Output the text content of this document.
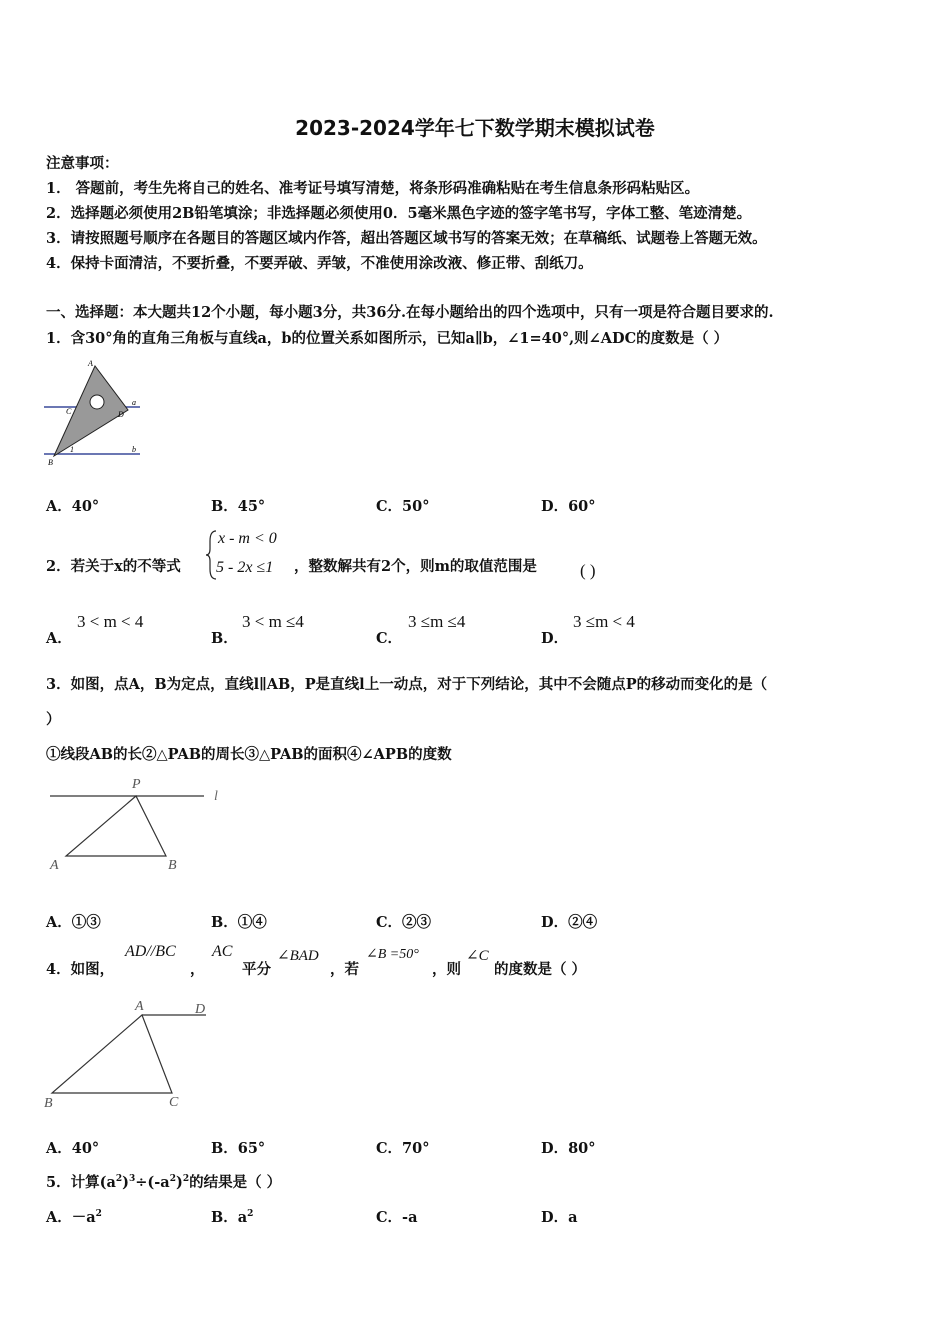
2023-2024学年七下数学期末模拟试卷
注意事项：
1． 答题前，考生先将自己的姓名、准考证号填写清楚，将条形码准确粘贴在考生信息条形码粘贴区。
2．选择题必须使用2B铅笔填涂；非选择题必须使用0．5毫米黑色字迹的签字笔书写，字体工整、笔迹清楚。
3．请按照题号顺序在各题目的答题区域内作答，超出答题区域书写的答案无效；在草稿纸、试题卷上答题无效。
4．保持卡面清洁，不要折叠，不要弄破、弄皱，不准使用涂改液、修正带、刮纸刀。
一、选择题：本大题共12个小题，每小题3分，共36分.在每小题给出的四个选项中，只有一项是符合题目要求的.
1．含30°角的直角三角板与直线a，b的位置关系如图所示，已知a∥b，∠1=40°,则∠ADC的度数是（ ）
A
C	D
a
B
1	b
A．40°	B．45°	C．50°	D．60°
2．若关于x的不等式
x - m < 0
5 - 2x ≤1 ，整数解共有2个，则m的取值范围是	( )
A．
3 < m < 4
B．
3 < m ≤4
C．
3 ≤m ≤4
D．
3 ≤m < 4
3．如图，点A，B为定点，直线l∥AB，P是直线l上一动点，对于下列结论，其中不会随点P的移动而变化的是（
）
①线段AB的长②△PAB的周长③△PAB的面积④∠APB的度数
P
l
A	B
A．①③	B．①④	C．②③	D．②④
4．如图，
AD//BC
，
AC
平分
∠BAD
，若
∠B =50°
，则
∠C
的度数是（ ）
A	D
B	C
A．40°	B．65°	C．70°	D．80°
5．计算$(a^2)^3\div(-a^2)^2$的结果是（ ）
A．$-a^2$	B．$a^2$	C．-a	D．a
